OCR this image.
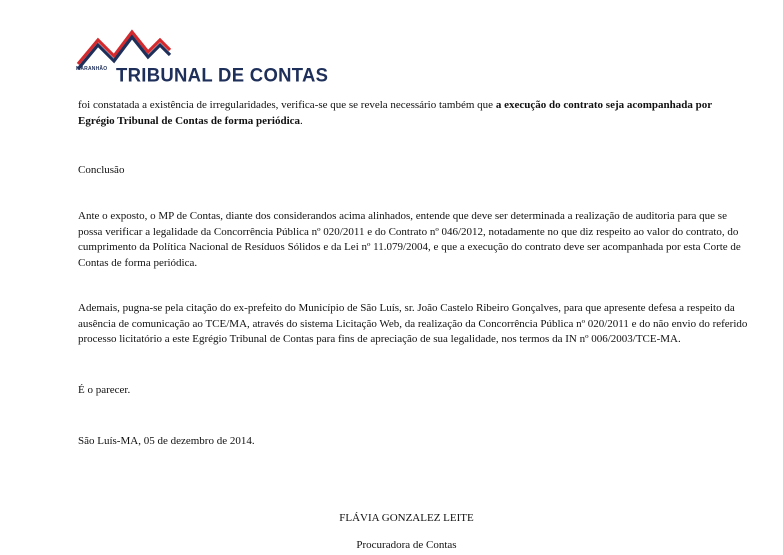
MARANHÃO TRIBUNAL DE CONTAS

foi constatada a existência de irregularidades, verifica-se que se revela necessário também que a execução do contrato seja acompanhada por Egrégio Tribunal de Contas de forma periódica.

Conclusão

Ante o exposto, o MP de Contas, diante dos considerandos acima alinhados, entende que deve ser determinada a realização de auditoria para que se possa verificar a legalidade da Concorrência Pública nº 020/2011 e do Contrato nº 046/2012, notadamente no que diz respeito ao valor do contrato, do cumprimento da Política Nacional de Resíduos Sólidos e da Lei nº 11.079/2004, e que a execução do contrato deve ser acompanhada por esta Corte de Contas de forma periódica.

Ademais, pugna-se pela citação do ex-prefeito do Município de São Luís, sr. João Castelo Ribeiro Gonçalves, para que apresente defesa a respeito da ausência de comunicação ao TCE/MA, através do sistema Licitação Web, da realização da Concorrência Pública nº 020/2011 e do não envio do referido processo licitatório a este Egrégio Tribunal de Contas para fins de apreciação de sua legalidade, nos termos da IN nº 006/2003/TCE-MA.

É o parecer.

São Luís-MA, 05 de dezembro de 2014.

FLÁVIA GONZALEZ LEITE
Procuradora de Contas
